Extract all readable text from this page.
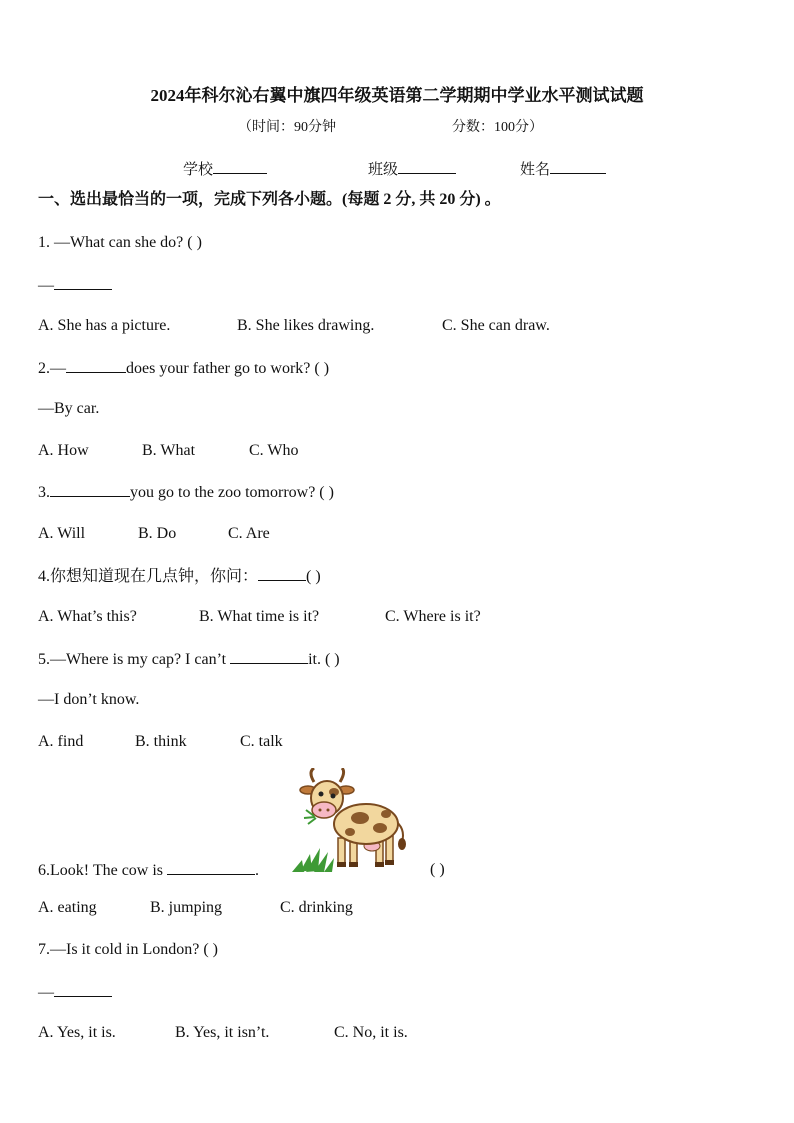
2024年科尔沁右翼中旗四年级英语第二学期期中学业水平测试试题
（时间：90分钟	分数：100分）
学校	班级	姓名
一、选出最恰当的一项，完成下列各小题。(每题 2 分, 共 20 分) 。
1. —What can she do? ( )
—
A. She has a picture.	B. She likes drawing.	C. She can draw.
2.—	does your father go to work? ( )
—By car.
A. How	B. What	C. Who
3.	you go to the zoo tomorrow? ( )
A. Will	B. Do	C. Are
4.你想知道现在几点钟，你问：	( )
A. What’s this?	B. What time is it?	C. Where is it?
5.—Where is my cap? I can’t	it. ( )
—I don’t know.
A. find	B. think	C. talk
6.Look! The cow is	.	( )
A. eating	B. jumping	C. drinking
7.—Is it cold in London? ( )
—
A. Yes, it is.	B. Yes, it isn’t.	C. No, it is.
